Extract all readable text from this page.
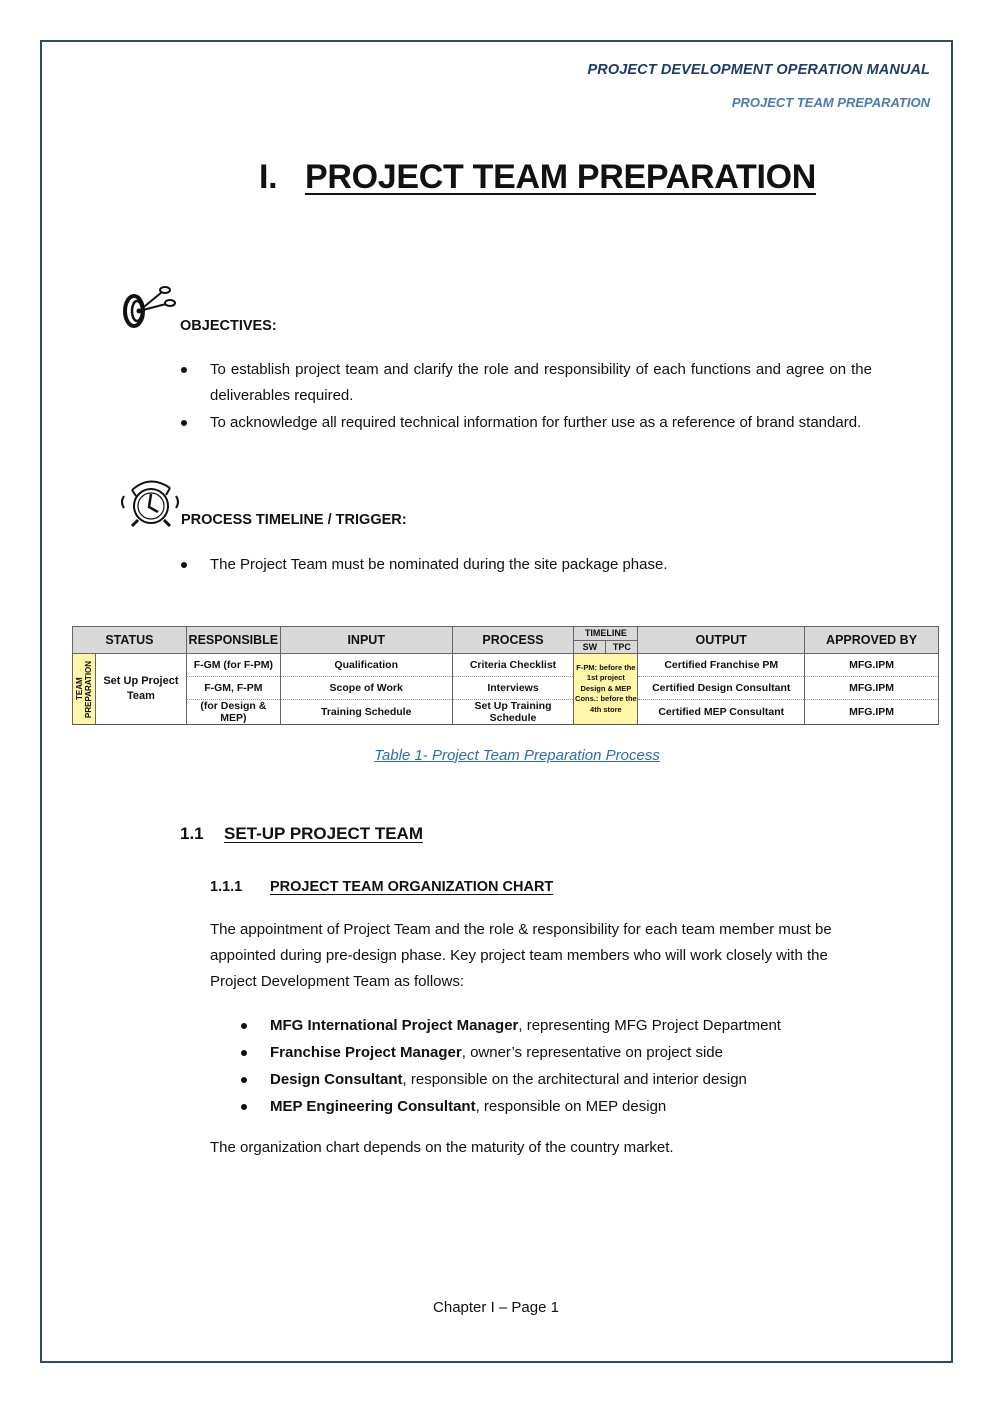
PROJECT DEVELOPMENT OPERATION MANUAL
PROJECT TEAM PREPARATION
I. PROJECT TEAM PREPARATION
OBJECTIVES:
To establish project team and clarify the role and responsibility of each functions and agree on the deliverables required.
To acknowledge all required technical information for further use as a reference of brand standard.
PROCESS TIMELINE / TRIGGER:
The Project Team must be nominated during the site package phase.
STATUS		RESPONSIBLE	INPUT	PROCESS	TIMELINE		OUTPUT	APPROVED BY
					SW	TPC		

TEAM PREPARATION	Set Up Project Team	F-GM (for F-PM)	Qualification	Criteria Checklist	F-PM: before the 1st project Design & MEP Cons.: before the 4th store		Certified Franchise PM	MFG.IPM
		F-GM, F-PM	Scope of Work	Interviews			Certified Design Consultant	MFG.IPM
		(for Design & MEP)	Training Schedule	Set Up Training Schedule			Certified MEP Consultant	MFG.IPM
Table 1- Project Team Preparation Process
1.1 SET-UP PROJECT TEAM
1.1.1 PROJECT TEAM ORGANIZATION CHART

The appointment of Project Team and the role & responsibility for each team member must be appointed during pre-design phase. Key project team members who will work closely with the Project Development Team as follows:

MFG International Project Manager, representing MFG Project Department
Franchise Project Manager, owner’s representative on project side
Design Consultant, responsible on the architectural and interior design
MEP Engineering Consultant, responsible on MEP design

The organization chart depends on the maturity of the country market.

Chapter I – Page 1
